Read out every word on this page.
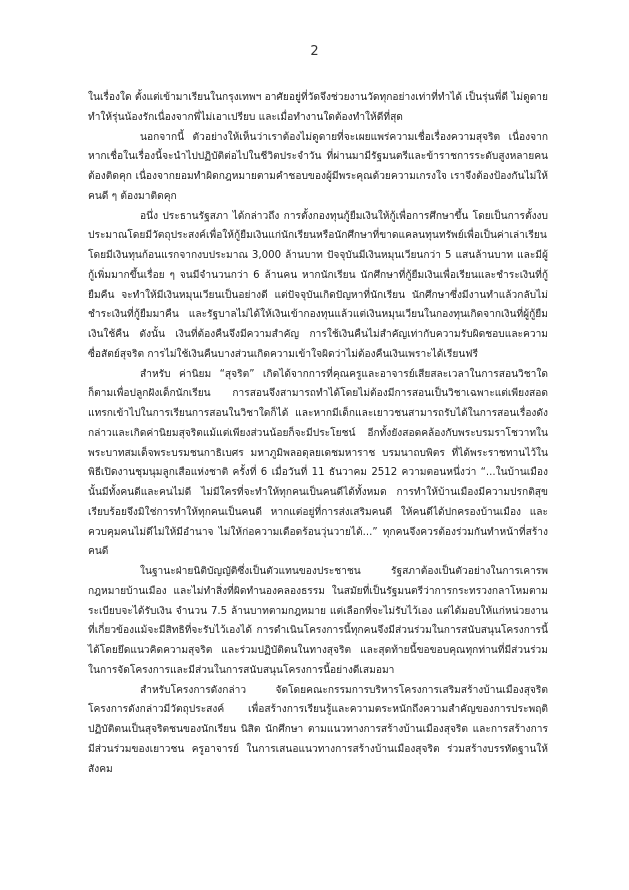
2

ในเรื่องใด ตั้งแต่เข้ามาเรียนในกรุงเทพฯ อาศัยอยู่ที่วัดจึงช่วยงานวัดทุกอย่างเท่าที่ทำได้ เป็นรุ่นพี่ดี ไม่ดูดาย ทำให้รุ่นน้องรักเนื่องจากพี่ไม่เอาเปรียบ และเมื่อทำงานใดต้องทำให้ดีที่สุด

นอกจากนี้ ตัวอย่างให้เห็นว่าเราต้องไม่ดูดายที่จะเผยแพร่ความเชื่อเรื่องความสุจริต เนื่องจากหากเชื่อในเรื่องนี้จะนำไปปฏิบัติต่อไปในชีวิตประจำวัน ที่ผ่านมามีรัฐมนตรีและข้าราชการระดับสูงหลายคนต้องติดคุก เนื่องจากยอมทำผิดกฎหมายตามคำชอบของผู้มีพระคุณด้วยความเกรงใจ เราจึงต้องป้องกันไม่ให้คนดี ๆ ต้องมาติดคุก

อนึ่ง ประธานรัฐสภา ได้กล่าวถึง การตั้งกองทุนกู้ยืมเงินให้กู้เพื่อการศึกษาขึ้น โดยเป็นการตั้งงบประมาณโดยมีวัตถุประสงค์เพื่อให้กู้ยืมเงินแก่นักเรียนหรือนักศึกษาที่ขาดแคลนทุนทรัพย์เพื่อเป็นค่าเล่าเรียน โดยมีเงินทุนก้อนแรกจากงบประมาณ 3,000 ล้านบาท ปัจจุบันมีเงินหมุนเวียนกว่า 5 แสนล้านบาท และมีผู้กู้เพิ่มมากขึ้นเรื่อย ๆ จนมีจำนวนกว่า 6 ล้านคน หากนักเรียน นักศึกษาที่กู้ยืมเงินเพื่อเรียนและชำระเงินที่กู้ยืมคืน จะทำให้มีเงินหมุนเวียนเป็นอย่างดี แต่ปัจจุบันเกิดปัญหาที่นักเรียน นักศึกษาซึ่งมีงานทำแล้วกลับไม่ชำระเงินที่กู้ยืมมาคืน และรัฐบาลไม่ได้ให้เงินเข้ากองทุนแล้วแต่เงินหมุนเวียนในกองทุนเกิดจากเงินที่ผู้กู้ยืมเงินใช้คืน ดังนั้น เงินที่ต้องคืนจึงมีความสำคัญ การใช้เงินคืนไม่สำคัญเท่ากับความรับผิดชอบและความซื่อสัตย์สุจริต การไม่ใช้เงินคืนบางส่วนเกิดความเข้าใจผิดว่าไม่ต้องคืนเงินเพราะได้เรียนฟรี

สำหรับ ค่านิยม “สุจริต” เกิดได้จากการที่คุณครูและอาจารย์เสียสละเวลาในการสอนวิชาใดก็ตามเพื่อปลูกฝังเด็กนักเรียน การสอนจึงสามารถทำได้โดยไม่ต้องมีการสอนเป็นวิชาเฉพาะแต่เพียงสอดแทรกเข้าไปในการเรียนการสอนในวิชาใดก็ได้ และหากมีเด็กและเยาวชนสามารถรับได้ในการสอนเรื่องดังกล่าวและเกิดค่านิยมสุจริตแม้แต่เพียงส่วนน้อยก็จะมีประโยชน์ อีกทั้งยังสอดคล้องกับพระบรมราโชวาทในพระบาทสมเด็จพระบรมชนกาธิเบศร มหาภูมิพลอดุลยเดชมหาราช บรมนาถบพิตร ที่ได้พระราชทานไว้ในพิธีเปิดงานชุมนุมลูกเสือแห่งชาติ ครั้งที่ 6 เมื่อวันที่ 11 ธันวาคม 2512 ความตอนหนึ่งว่า “...ในบ้านเมืองนั้นมีทั้งคนดีและคนไม่ดี ไม่มีใครที่จะทำให้ทุกคนเป็นคนดีได้ทั้งหมด การทำให้บ้านเมืองมีความปรกติสุขเรียบร้อยจึงมิใช่การทำให้ทุกคนเป็นคนดี หากแต่อยู่ที่การส่งเสริมคนดี ให้คนดีได้ปกครองบ้านเมือง และควบคุมคนไม่ดีไม่ให้มีอำนาจ ไม่ให้ก่อความเดือดร้อนวุ่นวายได้...” ทุกคนจึงควรต้องร่วมกันทำหน้าที่สร้างคนดี

ในฐานะฝ่ายนิติบัญญัติซึ่งเป็นตัวแทนของประชาชน รัฐสภาต้องเป็นตัวอย่างในการเคารพกฎหมายบ้านเมือง และไม่ทำสิ่งที่ผิดทำนองคลองธรรม ในสมัยที่เป็นรัฐมนตรีว่าการกระทรวงกลาโหมตามระเบียบจะได้รับเงิน จำนวน 7.5 ล้านบาทตามกฎหมาย แต่เลือกที่จะไม่รับไว้เอง แต่ได้มอบให้แก่หน่วยงานที่เกี่ยวข้องแม้จะมีสิทธิที่จะรับไว้เองได้ การดำเนินโครงการนี้ทุกคนจึงมีส่วนร่วมในการสนับสนุนโครงการนี้ได้โดยยึดแนวคิดความสุจริต และร่วมปฏิบัติตนในทางสุจริต และสุดท้ายนี้ขอขอบคุณทุกท่านที่มีส่วนร่วมในการจัดโครงการและมีส่วนในการสนับสนุนโครงการนี้อย่างดีเสมอมา

สำหรับโครงการดังกล่าว จัดโดยคณะกรรมการบริหารโครงการเสริมสร้างบ้านเมืองสุจริต โครงการดังกล่าวมีวัตถุประสงค์ เพื่อสร้างการเรียนรู้และความตระหนักถึงความสำคัญของการประพฤติปฏิบัติตนเป็นสุจริตชนของนักเรียน นิสิต นักศึกษา ตามแนวทางการสร้างบ้านเมืองสุจริต และการสร้างการมีส่วนร่วมของเยาวชน ครูอาจารย์ ในการเสนอแนวทางการสร้างบ้านเมืองสุจริต ร่วมสร้างบรรทัดฐานให้สังคม
